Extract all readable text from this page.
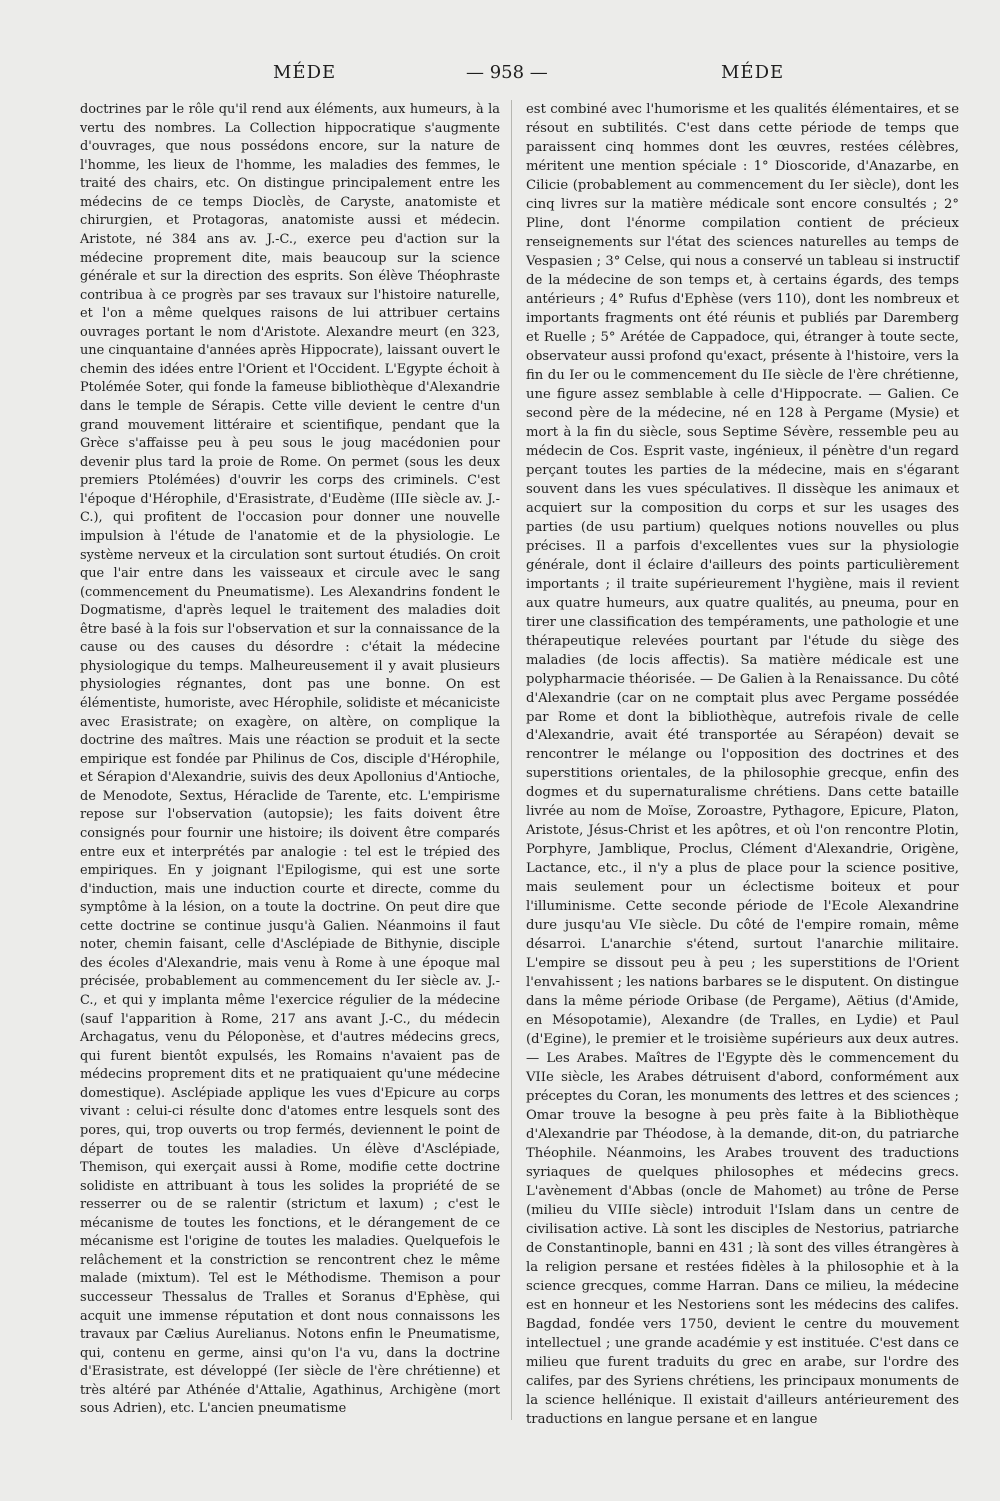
MÉDE	— 958 —	MÉDE

doctrines par le rôle qu'il rend aux éléments, aux humeurs, à la vertu des nombres. La Collection hippocratique s'augmente d'ouvrages, que nous possédons encore, sur la nature de l'homme, les lieux de l'homme, les maladies des femmes, le traité des chairs, etc. On distingue principalement entre les médecins de ce temps Dioclès, de Caryste, anatomiste et chirurgien, et Protagoras, anatomiste aussi et médecin. Aristote, né 384 ans av. J.-C., exerce peu d'action sur la médecine proprement dite, mais beaucoup sur la science générale et sur la direction des esprits. Son élève Théophraste contribua à ce progrès par ses travaux sur l'histoire naturelle, et l'on a même quelques raisons de lui attribuer certains ouvrages portant le nom d'Aristote. Alexandre meurt (en 323, une cinquantaine d'années après Hippocrate), laissant ouvert le chemin des idées entre l'Orient et l'Occident. L'Egypte échoit à Ptolémée Soter, qui fonde la fameuse bibliothèque d'Alexandrie dans le temple de Sérapis. Cette ville devient le centre d'un grand mouvement littéraire et scientifique, pendant que la Grèce s'affaisse peu à peu sous le joug macédonien pour devenir plus tard la proie de Rome. On permet (sous les deux premiers Ptolémées) d'ouvrir les corps des criminels. C'est l'époque d'Hérophile, d'Erasistrate, d'Eudème (IIIe siècle av. J.-C.), qui profitent de l'occasion pour donner une nouvelle impulsion à l'étude de l'anatomie et de la physiologie. Le système nerveux et la circulation sont surtout étudiés. On croit que l'air entre dans les vaisseaux et circule avec le sang (commencement du Pneumatisme). Les Alexandrins fondent le Dogmatisme, d'après lequel le traitement des maladies doit être basé à la fois sur l'observation et sur la connaissance de la cause ou des causes du désordre : c'était la médecine physiologique du temps. Malheureusement il y avait plusieurs physiologies régnantes, dont pas une bonne. On est élémentiste, humoriste, avec Hérophile, solidiste et mécaniciste avec Erasistrate; on exagère, on altère, on complique la doctrine des maîtres. Mais une réaction se produit et la secte empirique est fondée par Philinus de Cos, disciple d'Hérophile, et Sérapion d'Alexandrie, suivis des deux Apollonius d'Antioche, de Menodote, Sextus, Héraclide de Tarente, etc. L'empirisme repose sur l'observation (autopsie); les faits doivent être consignés pour fournir une histoire; ils doivent être comparés entre eux et interprétés par analogie : tel est le trépied des empiriques. En y joignant l'Epilogisme, qui est une sorte d'induction, mais une induction courte et directe, comme du symptôme à la lésion, on a toute la doctrine. On peut dire que cette doctrine se continue jusqu'à Galien. Néanmoins il faut noter, chemin faisant, celle d'Asclépiade de Bithynie, disciple des écoles d'Alexandrie, mais venu à Rome à une époque mal précisée, probablement au commencement du Ier siècle av. J.-C., et qui y implanta même l'exercice régulier de la médecine (sauf l'apparition à Rome, 217 ans avant J.-C., du médecin Archagatus, venu du Péloponèse, et d'autres médecins grecs, qui furent bientôt expulsés, les Romains n'avaient pas de médecins proprement dits et ne pratiquaient qu'une médecine domestique). Asclépiade applique les vues d'Epicure au corps vivant : celui-ci résulte donc d'atomes entre lesquels sont des pores, qui, trop ouverts ou trop fermés, deviennent le point de départ de toutes les maladies. Un élève d'Asclépiade, Themison, qui exerçait aussi à Rome, modifie cette doctrine solidiste en attribuant à tous les solides la propriété de se resserrer ou de se ralentir (strictum et laxum) ; c'est le mécanisme de toutes les fonctions, et le dérangement de ce mécanisme est l'origine de toutes les maladies. Quelquefois le relâchement et la constriction se rencontrent chez le même malade (mixtum). Tel est le Méthodisme. Themison a pour successeur Thessalus de Tralles et Soranus d'Ephèse, qui acquit une immense réputation et dont nous connaissons les travaux par Cælius Aurelianus. Notons enfin le Pneumatisme, qui, contenu en germe, ainsi qu'on l'a vu, dans la doctrine d'Erasistrate, est développé (Ier siècle de l'ère chrétienne) et très altéré par Athénée d'Attalie, Agathinus, Archigène (mort sous Adrien), etc. L'ancien pneumatisme

est combiné avec l'humorisme et les qualités élémentaires, et se résout en subtilités. C'est dans cette période de temps que paraissent cinq hommes dont les œuvres, restées célèbres, méritent une mention spéciale : 1° Dioscoride, d'Anazarbe, en Cilicie (probablement au commencement du Ier siècle), dont les cinq livres sur la matière médicale sont encore consultés ; 2° Pline, dont l'énorme compilation contient de précieux renseignements sur l'état des sciences naturelles au temps de Vespasien ; 3° Celse, qui nous a conservé un tableau si instructif de la médecine de son temps et, à certains égards, des temps antérieurs ; 4° Rufus d'Ephèse (vers 110), dont les nombreux et importants fragments ont été réunis et publiés par Daremberg et Ruelle ; 5° Arétée de Cappadoce, qui, étranger à toute secte, observateur aussi profond qu'exact, présente à l'histoire, vers la fin du Ier ou le commencement du IIe siècle de l'ère chrétienne, une figure assez semblable à celle d'Hippocrate. — Galien. Ce second père de la médecine, né en 128 à Pergame (Mysie) et mort à la fin du siècle, sous Septime Sévère, ressemble peu au médecin de Cos. Esprit vaste, ingénieux, il pénètre d'un regard perçant toutes les parties de la médecine, mais en s'égarant souvent dans les vues spéculatives. Il dissèque les animaux et acquiert sur la composition du corps et sur les usages des parties (de usu partium) quelques notions nouvelles ou plus précises. Il a parfois d'excellentes vues sur la physiologie générale, dont il éclaire d'ailleurs des points particulièrement importants ; il traite supérieurement l'hygiène, mais il revient aux quatre humeurs, aux quatre qualités, au pneuma, pour en tirer une classification des tempéraments, une pathologie et une thérapeutique relevées pourtant par l'étude du siège des maladies (de locis affectis). Sa matière médicale est une polypharmacie théorisée. — De Galien à la Renaissance. Du côté d'Alexandrie (car on ne comptait plus avec Pergame possédée par Rome et dont la bibliothèque, autrefois rivale de celle d'Alexandrie, avait été transportée au Sérapéon) devait se rencontrer le mélange ou l'opposition des doctrines et des superstitions orientales, de la philosophie grecque, enfin des dogmes et du supernaturalisme chrétiens. Dans cette bataille livrée au nom de Moïse, Zoroastre, Pythagore, Epicure, Platon, Aristote, Jésus-Christ et les apôtres, et où l'on rencontre Plotin, Porphyre, Jamblique, Proclus, Clément d'Alexandrie, Origène, Lactance, etc., il n'y a plus de place pour la science positive, mais seulement pour un éclectisme boiteux et pour l'illuminisme. Cette seconde période de l'Ecole Alexandrine dure jusqu'au VIe siècle. Du côté de l'empire romain, même désarroi. L'anarchie s'étend, surtout l'anarchie militaire. L'empire se dissout peu à peu ; les superstitions de l'Orient l'envahissent ; les nations barbares se le disputent. On distingue dans la même période Oribase (de Pergame), Aëtius (d'Amide, en Mésopotamie), Alexandre (de Tralles, en Lydie) et Paul (d'Egine), le premier et le troisième supérieurs aux deux autres. — Les Arabes. Maîtres de l'Egypte dès le commencement du VIIe siècle, les Arabes détruisent d'abord, conformément aux préceptes du Coran, les monuments des lettres et des sciences ; Omar trouve la besogne à peu près faite à la Bibliothèque d'Alexandrie par Théodose, à la demande, dit-on, du patriarche Théophile. Néanmoins, les Arabes trouvent des traductions syriaques de quelques philosophes et médecins grecs. L'avènement d'Abbas (oncle de Mahomet) au trône de Perse (milieu du VIIIe siècle) introduit l'Islam dans un centre de civilisation active. Là sont les disciples de Nestorius, patriarche de Constantinople, banni en 431 ; là sont des villes étrangères à la religion persane et restées fidèles à la philosophie et à la science grecques, comme Harran. Dans ce milieu, la médecine est en honneur et les Nestoriens sont les médecins des califes. Bagdad, fondée vers 1750, devient le centre du mouvement intellectuel ; une grande académie y est instituée. C'est dans ce milieu que furent traduits du grec en arabe, sur l'ordre des califes, par des Syriens chrétiens, les principaux monuments de la science hellénique. Il existait d'ailleurs antérieurement des traductions en langue persane et en langue
